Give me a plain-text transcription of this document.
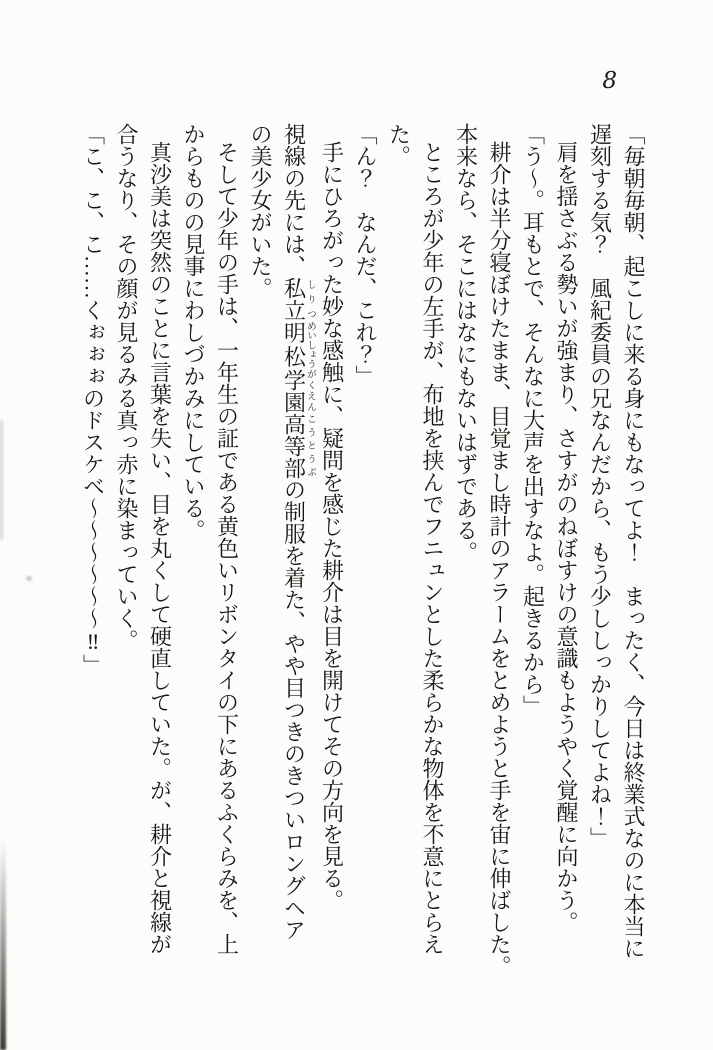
8

「毎朝毎朝、起こしに来る身にもなってよ！　まったく、今日は終業式なのに本当に
遅刻する気？　風紀委員の兄なんだから、もう少ししっかりしてよね！」

肩を揺さぶる勢いが強まり、さすがのねぼすけの意識もようやく覚醒に向かう。

「う～。耳もとで、そんなに大声を出すなよ。起きるから」

耕介は半分寝ぼけたまま、目覚まし時計のアラームをとめようと手を宙に伸ばした。

本来なら、そこにはなにもないはずである。

ところが少年の左手が、布地を挟んでフニュンとした柔らかな物体を不意にとらえ
た。

「ん？　なんだ、これ？」

手にひろがった妙な感触に、疑問を感じた耕介は目を開けてその方向を見る。

視線の先には、私立しりつ明松めいしょう学園がくえん高等部こうとうぶの制服を着た、やや目つきのきついロングヘア
の美少女がいた。

そして少年の手は、一年生の証である黄色いリボンタイの下にあるふくらみを、上
からものの見事にわしづかみにしている。

真沙美は突然のことに言葉を失い、目を丸くして硬直していた。が、耕介と視線が
合うなり、その顔が見るみる真っ赤に染まっていく。

「こ、こ、こ……くぉぉぉのドスケベ～～～～～～‼」
